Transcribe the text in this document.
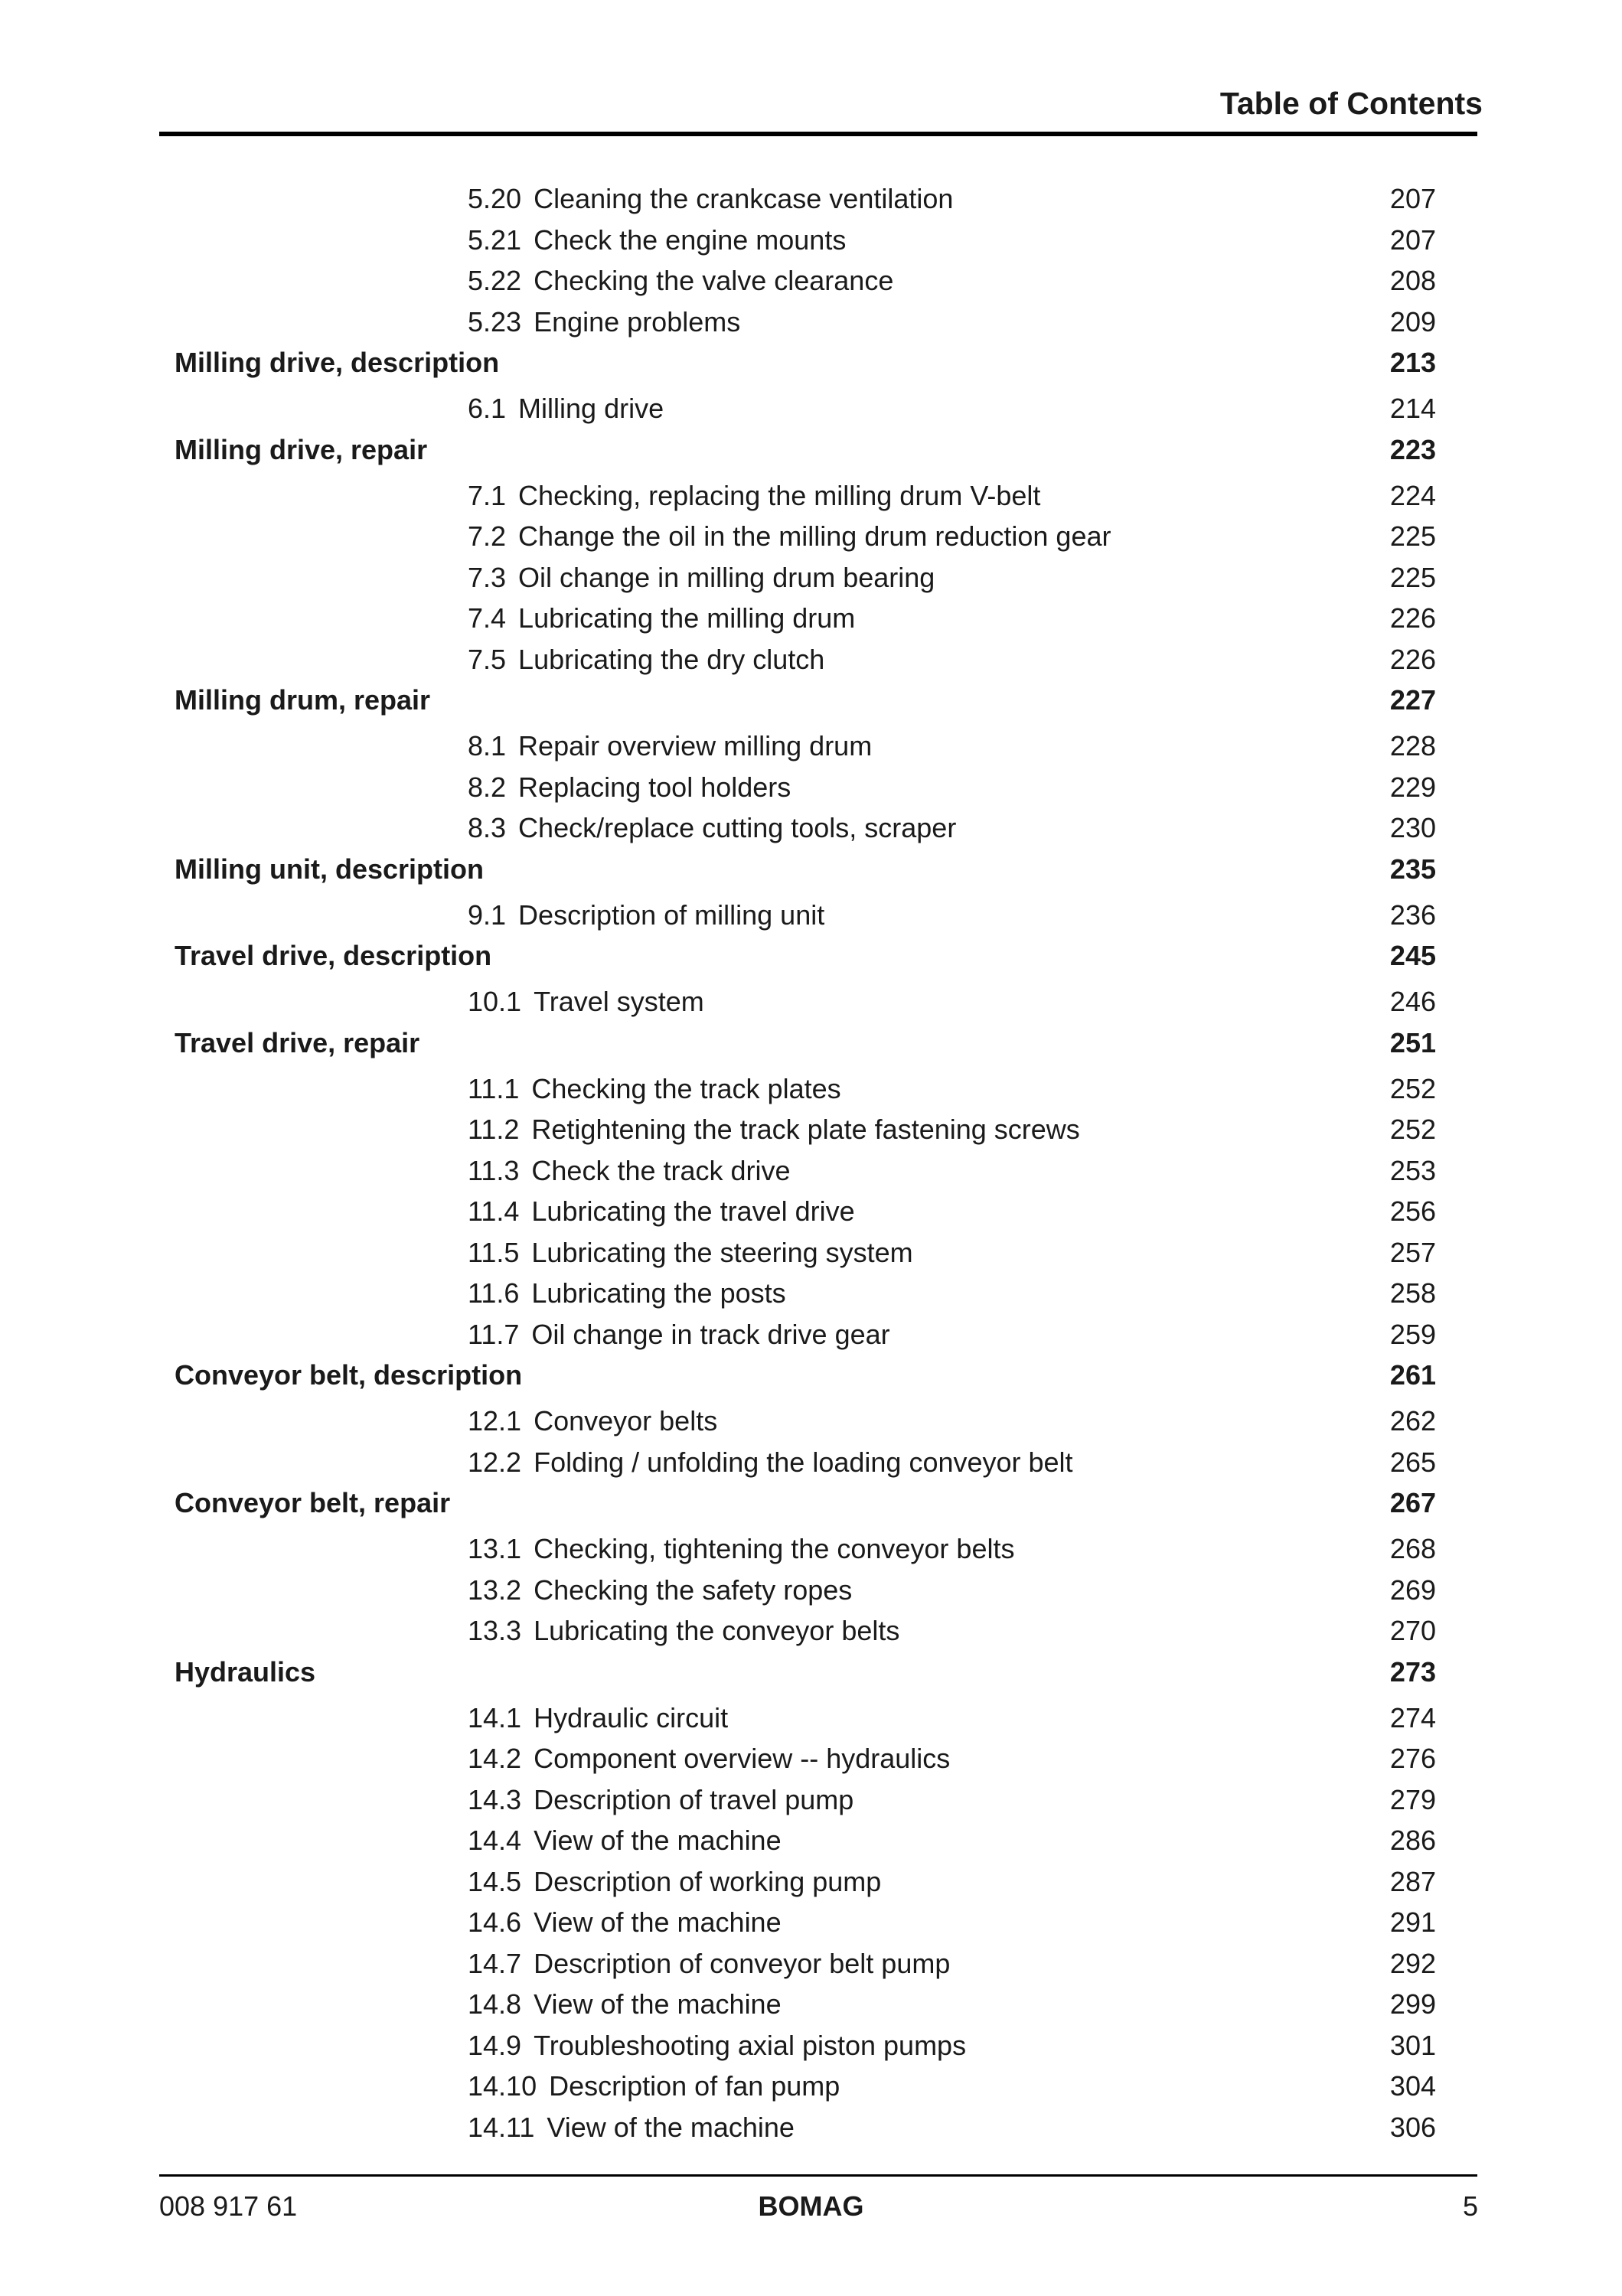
Table of Contents
5.20 Cleaning the crankcase ventilation	207
5.21 Check the engine mounts	207
5.22 Checking the valve clearance	208
5.23 Engine problems	209
Milling drive, description	213
6.1 Milling drive	214
Milling drive, repair	223
7.1 Checking, replacing the milling drum V-belt	224
7.2 Change the oil in the milling drum reduction gear	225
7.3 Oil change in milling drum bearing	225
7.4 Lubricating the milling drum	226
7.5 Lubricating the dry clutch	226
Milling drum, repair	227
8.1 Repair overview milling drum	228
8.2 Replacing tool holders	229
8.3 Check/replace cutting tools, scraper	230
Milling unit, description	235
9.1 Description of milling unit	236
Travel drive, description	245
10.1 Travel system	246
Travel drive, repair	251
11.1 Checking the track plates	252
11.2 Retightening the track plate fastening screws	252
11.3 Check the track drive	253
11.4 Lubricating the travel drive	256
11.5 Lubricating the steering system	257
11.6 Lubricating the posts	258
11.7 Oil change in track drive gear	259
Conveyor belt, description	261
12.1 Conveyor belts	262
12.2 Folding / unfolding the loading conveyor belt	265
Conveyor belt, repair	267
13.1 Checking, tightening the conveyor belts	268
13.2 Checking the safety ropes	269
13.3 Lubricating the conveyor belts	270
Hydraulics	273
14.1 Hydraulic circuit	274
14.2 Component overview -- hydraulics	276
14.3 Description of travel pump	279
14.4 View of the machine	286
14.5 Description of working pump	287
14.6 View of the machine	291
14.7 Description of conveyor belt pump	292
14.8 View of the machine	299
14.9 Troubleshooting axial piston pumps	301
14.10 Description of fan pump	304
14.11 View of the machine	306
008 917 61	BOMAG	5
